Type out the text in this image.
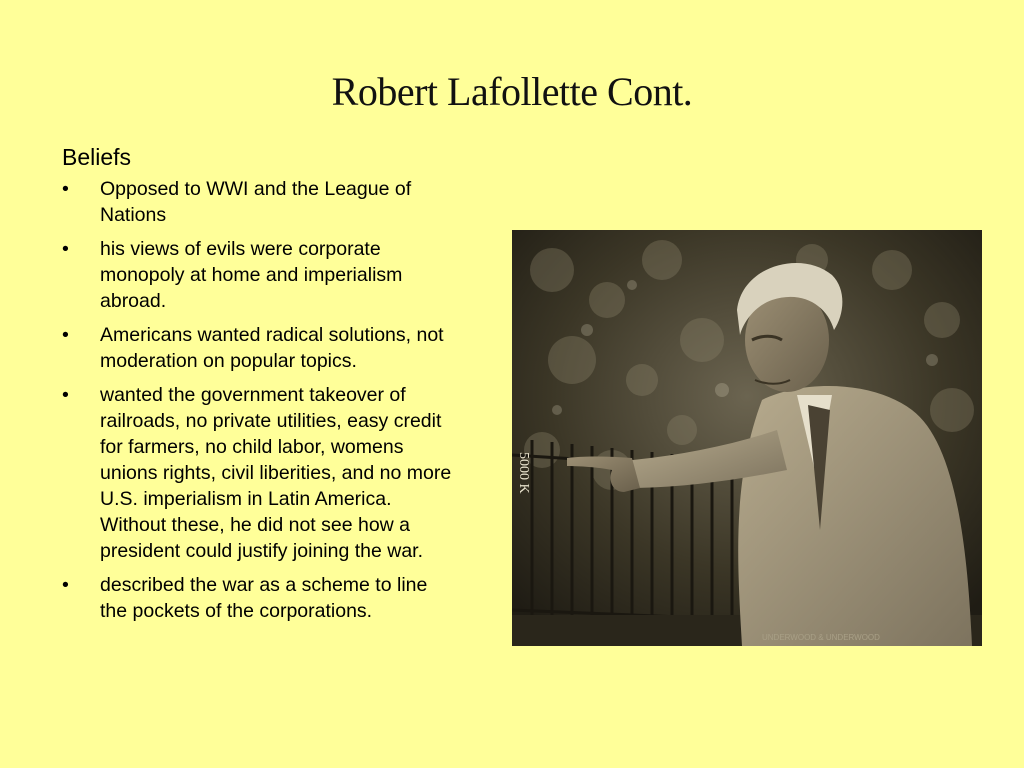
Robert Lafollette Cont.
Beliefs
• Opposed to WWI and the League of Nations
• his views of evils were corporate monopoly at home and imperialism abroad.
• Americans wanted radical solutions, not moderation on popular topics.
• wanted the government takeover of railroads, no private utilities, easy credit for farmers, no child labor, womens unions rights, civil liberities, and no more U.S. imperialism in Latin America. Without these, he did not see how a president could justify joining the war.
• described the war as a scheme to line the pockets of the corporations.
5000 K
UNDERWOOD & UNDERWOOD
